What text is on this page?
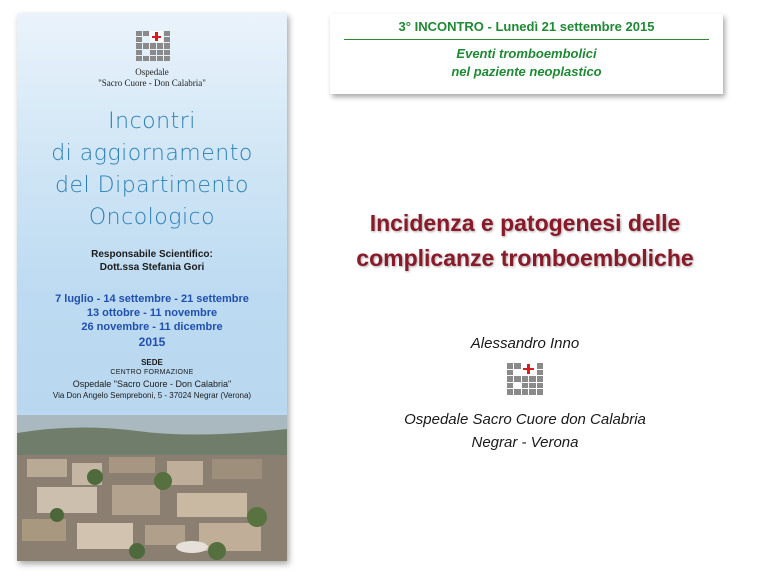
Ospedale
"Sacro Cuore - Don Calabria"
Incontri
di aggiornamento
del Dipartimento
Oncologico
Responsabile Scientifico:
Dott.ssa Stefania Gori
7 luglio - 14 settembre - 21 settembre
13 ottobre - 11 novembre
26 novembre - 11 dicembre
2015
SEDE
CENTRO FORMAZIONE
Ospedale "Sacro Cuore - Don Calabria"
Via Don Angelo Sempreboni, 5 - 37024 Negrar (Verona)
3° INCONTRO - Lunedì 21 settembre 2015
Eventi tromboembolici
nel paziente neoplastico
Incidenza e patogenesi delle
complicanze tromboemboliche
Alessandro Inno
Ospedale Sacro Cuore don Calabria
Negrar - Verona
